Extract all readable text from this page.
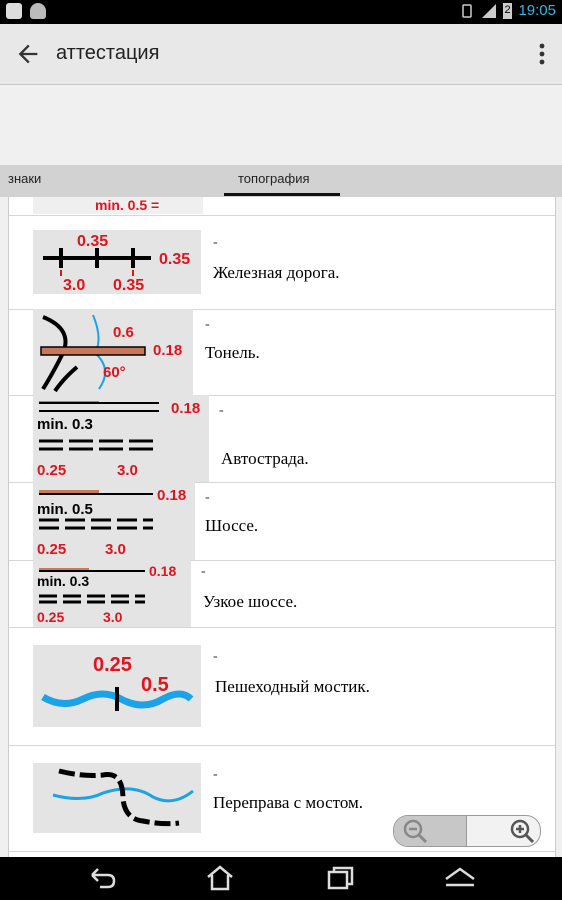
2 19:05
аттестация
знаки	топография
min. 0.5 =
0.35
0.35
3.0 0.35
-
Железная дорога.
0.6
0.18
60°
-
Тонель.
0.18
min. 0.3
0.25	3.0
-
Автострада.
0.18
min. 0.5
0.25	3.0
-
Шоссе.
0.18
min. 0.3
0.25	3.0
-
Узкое шоссе.
0.25
0.5
-
Пешеходный мостик.
-
Переправа с мостом.
